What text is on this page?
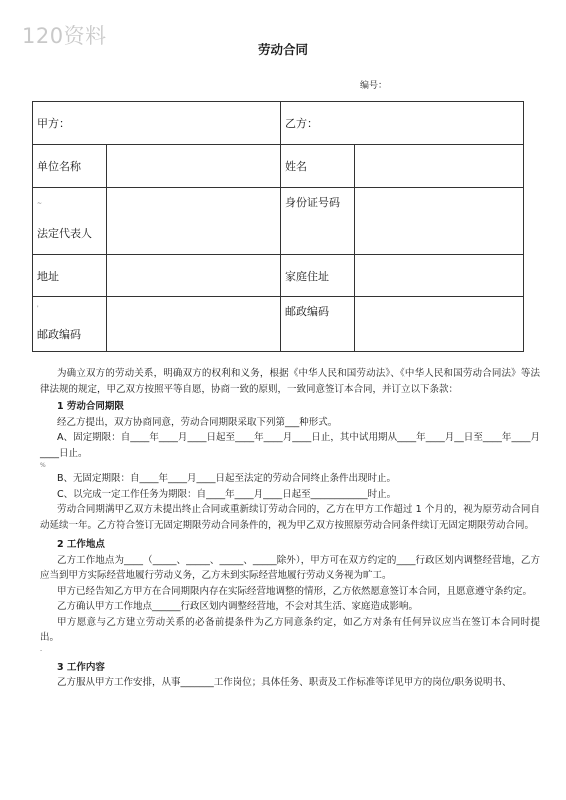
120资料
劳动合同
编号：
甲方：		乙方：	
单位名称		姓名	

~
法定代表人		身份证号码	

地址		家庭住址	

'
邮政编码		邮政编码	

为确立双方的劳动关系，明确双方的权利和义务，根据《中华人民和国劳动法》、《中华人民和国劳动合同法》等法律法规的规定，甲乙双方按照平等自愿，协商一致的原则，一致同意签订本合同，并订立以下条款：

1 劳动合同期限

经乙方提出，双方协商同意，劳动合同期限采取下列第___种形式。

A、固定期限：自____年____月____日起至____年____月____日止，其中试用期从____年____月__日至____年____月____日止。

%

B、无固定期限：自____年____月____日起至法定的劳动合同终止条件出现时止。

C、以完成一定工作任务为期限：自____年____月____日起至____________时止。

劳动合同期满甲乙双方未提出终止合同或重新续订劳动合同的，乙方在甲方工作超过 1 个月的，视为原劳动合同自动延续一年。乙方符合签订无固定期限劳动合同条件的，视为甲乙双方按照原劳动合同条件续订无固定期限劳动合同。

2 工作地点

乙方工作地点为____（_____、_____、_____、_____除外），甲方可在双方约定的____行政区划内调整经营地，乙方应当到甲方实际经营地履行劳动义务，乙方未到实际经营地履行劳动义务视为旷工。

甲方已经告知乙方甲方在合同期限内存在实际经营地调整的情形，乙方依然愿意签订本合同，且愿意遵守条约定。

乙方确认甲方工作地点______行政区划内调整经营地，不会对其生活、家庭造成影响。

甲方愿意与乙方建立劳动关系的必备前提条件为乙方同意条约定，如乙方对条有任何异议应当在签订本合同时提出。

-

3 工作内容

乙方服从甲方工作安排，从事_______工作岗位；具体任务、职责及工作标准等详见甲方的岗位/职务说明书、
